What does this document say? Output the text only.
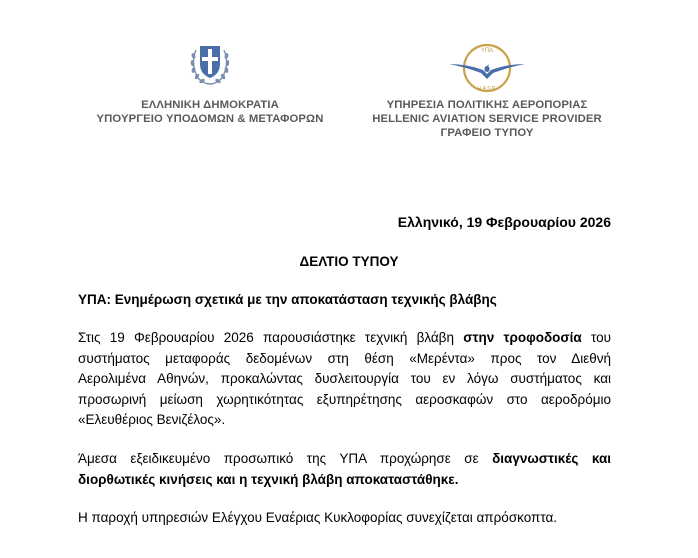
ΕΛΛΗΝΙΚΗ ΔΗΜΟΚΡΑΤΙΑ
ΥΠΟΥΡΓΕΙΟ ΥΠΟΔΟΜΩΝ & ΜΕΤΑΦΟΡΩΝ
ΥΠΑ
HASP
ΥΠΗΡΕΣΙΑ ΠΟΛΙΤΙΚΗΣ ΑΕΡΟΠΟΡΙΑΣ
HELLENIC AVIATION SERVICE PROVIDER
ΓΡΑΦΕΙΟ ΤΥΠΟΥ
Ελληνικό, 19 Φεβρουαρίου 2026
ΔΕΛΤΙΟ ΤΥΠΟΥ
ΥΠΑ: Ενημέρωση σχετικά με την αποκατάσταση τεχνικής βλάβης
Στις 19 Φεβρουαρίου 2026 παρουσιάστηκε τεχνική βλάβη στην τροφοδοσία του
συστήματος μεταφοράς δεδομένων στη θέση «Μερέντα» προς τον Διεθνή
Αερολιμένα Αθηνών, προκαλώντας δυσλειτουργία του εν λόγω συστήματος και
προσωρινή μείωση χωρητικότητας εξυπηρέτησης αεροσκαφών στο αεροδρόμιο
«Ελευθέριος Βενιζέλος».
Άμεσα εξειδικευμένο προσωπικό της ΥΠΑ προχώρησε σε διαγνωστικές και
διορθωτικές κινήσεις και η τεχνική βλάβη αποκαταστάθηκε.
Η παροχή υπηρεσιών Ελέγχου Εναέριας Κυκλοφορίας συνεχίζεται απρόσκοπτα.
